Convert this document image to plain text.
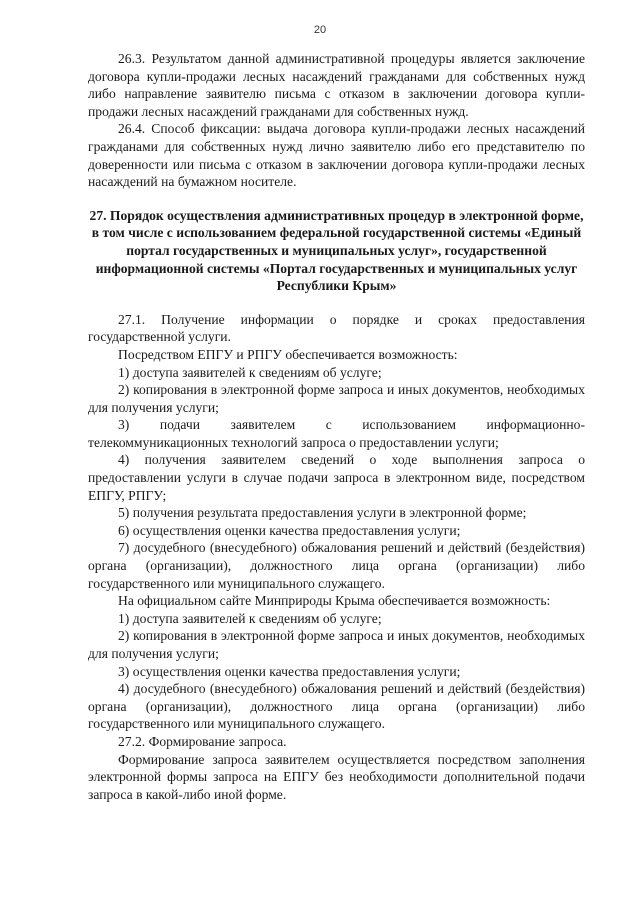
20

26.3. Результатом данной административной процедуры является заключение договора купли-продажи лесных насаждений гражданами для собственных нужд либо направление заявителю письма с отказом в заключении договора купли-продажи лесных насаждений гражданами для собственных нужд.

26.4. Способ фиксации: выдача договора купли-продажи лесных насаждений гражданами для собственных нужд лично заявителю либо его представителю по доверенности или письма с отказом в заключении договора купли-продажи лесных насаждений на бумажном носителе.

27. Порядок осуществления административных процедур в электронной форме, в том числе с использованием федеральной государственной системы «Единый портал государственных и муниципальных услуг», государственной информационной системы «Портал государственных и муниципальных услуг Республики Крым»

27.1. Получение информации о порядке и сроках предоставления государственной услуги.

Посредством ЕПГУ и РПГУ обеспечивается возможность:

1) доступа заявителей к сведениям об услуге;

2) копирования в электронной форме запроса и иных документов, необходимых для получения услуги;

3) подачи заявителем с использованием информационно-телекоммуникационных технологий запроса о предоставлении услуги;

4) получения заявителем сведений о ходе выполнения запроса о предоставлении услуги в случае подачи запроса в электронном виде, посредством ЕПГУ, РПГУ;

5) получения результата предоставления услуги в электронной форме;

6) осуществления оценки качества предоставления услуги;

7) досудебного (внесудебного) обжалования решений и действий (бездействия) органа (организации), должностного лица органа (организации) либо государственного или муниципального служащего.

На официальном сайте Минприроды Крыма обеспечивается возможность:

1) доступа заявителей к сведениям об услуге;

2) копирования в электронной форме запроса и иных документов, необходимых для получения услуги;

3) осуществления оценки качества предоставления услуги;

4) досудебного (внесудебного) обжалования решений и действий (бездействия) органа (организации), должностного лица органа (организации) либо государственного или муниципального служащего.

27.2. Формирование запроса.

Формирование запроса заявителем осуществляется посредством заполнения электронной формы запроса на ЕПГУ без необходимости дополнительной подачи запроса в какой-либо иной форме.
